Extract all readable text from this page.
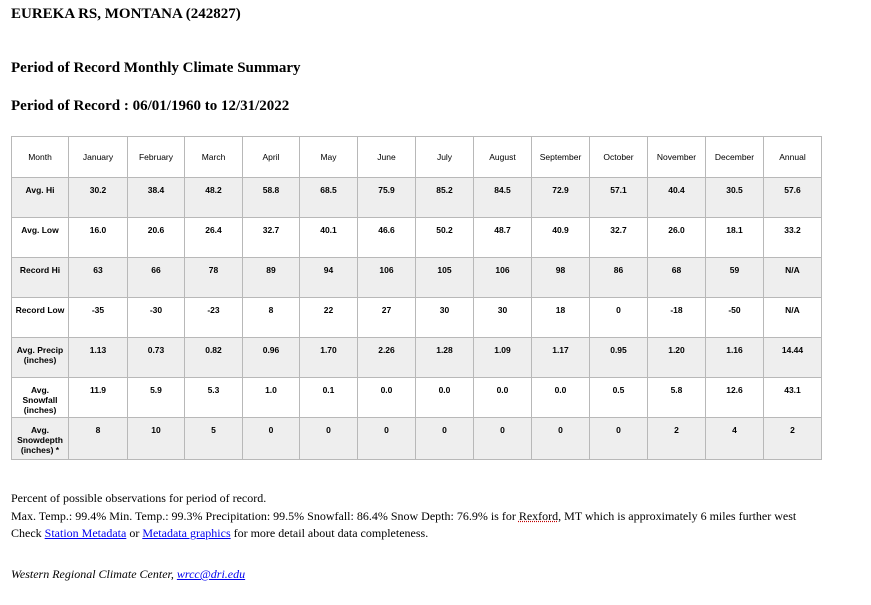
EUREKA RS, MONTANA (242827)
Period of Record Monthly Climate Summary
Period of Record : 06/01/1960 to 12/31/2022
Month	January	February	March	April	May	June	July	August	September	October	November	December	Annual
Avg. Hi	30.2	38.4	48.2	58.8	68.5	75.9	85.2	84.5	72.9	57.1	40.4	30.5	57.6
Avg. Low	16.0	20.6	26.4	32.7	40.1	46.6	50.2	48.7	40.9	32.7	26.0	18.1	33.2
Record Hi	63	66	78	89	94	106	105	106	98	86	68	59	N/A
Record Low	-35	-30	-23	8	22	27	30	30	18	0	-18	-50	N/A
Avg. Precip (inches)	1.13	0.73	0.82	0.96	1.70	2.26	1.28	1.09	1.17	0.95	1.20	1.16	14.44
Avg. Snowfall (inches)	11.9	5.9	5.3	1.0	0.1	0.0	0.0	0.0	0.0	0.5	5.8	12.6	43.1
Avg. Snowdepth (inches) *	8	10	5	0	0	0	0	0	0	0	2	4	2

Percent of possible observations for period of record.

Max. Temp.: 99.4% Min. Temp.: 99.3% Precipitation: 99.5% Snowfall: 86.4% Snow Depth: 76.9% is for Rexford, MT which is approximately 6 miles further west

Check Station Metadata or Metadata graphics for more detail about data completeness.

Western Regional Climate Center, wrcc@dri.edu
